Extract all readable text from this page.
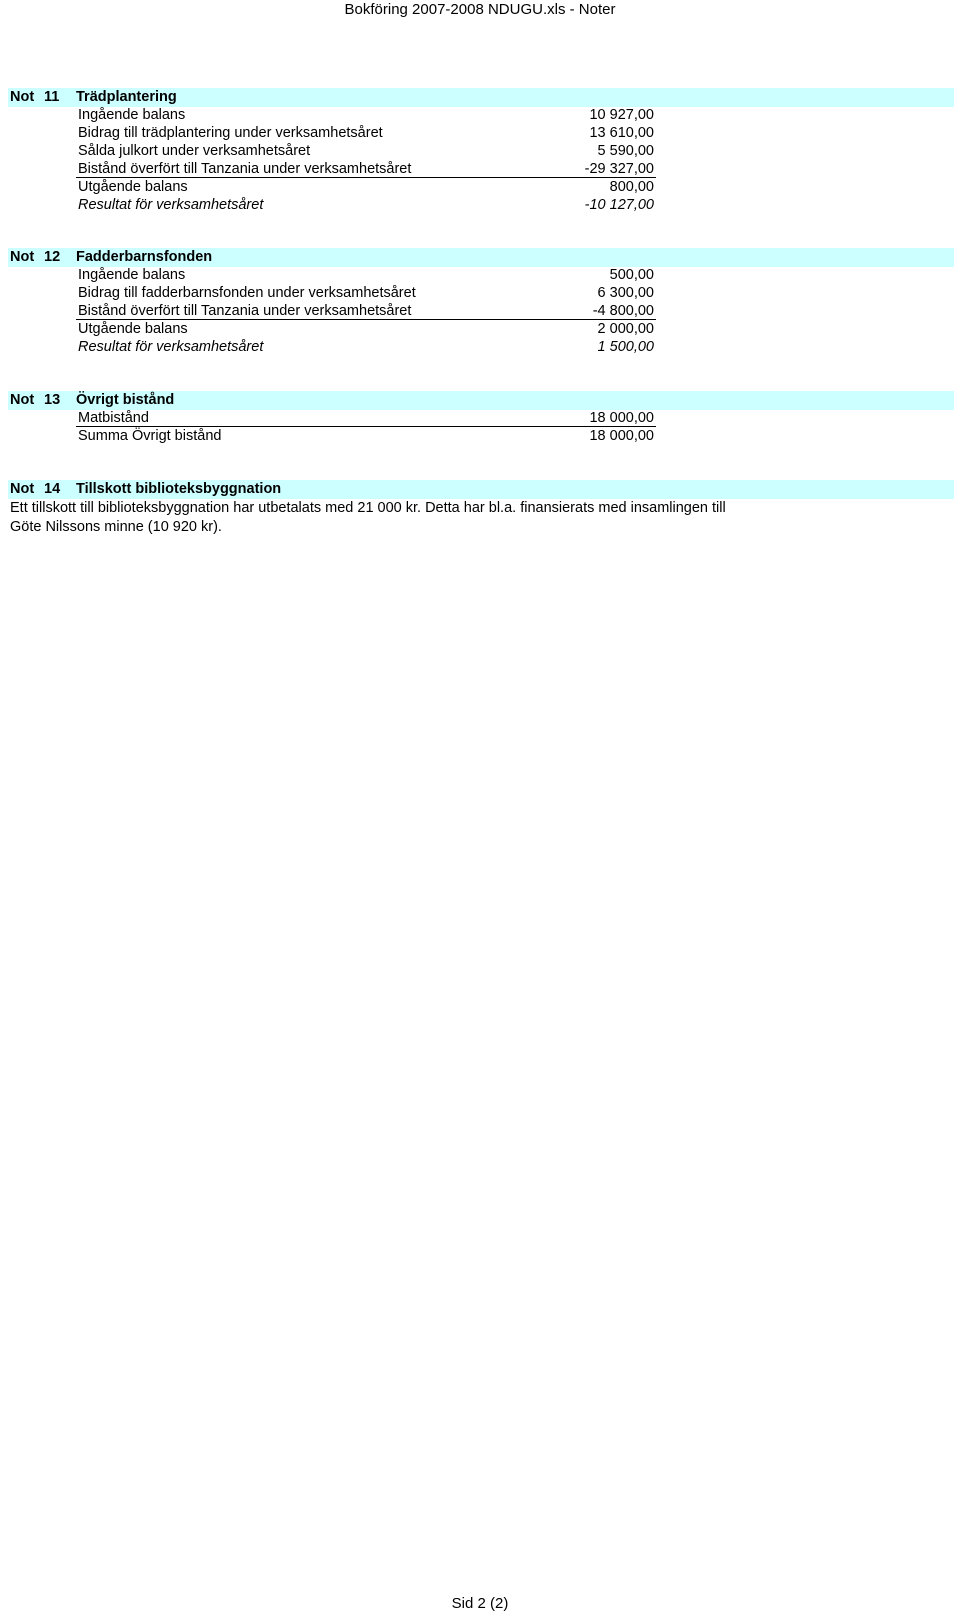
Bokföring 2007-2008 NDUGU.xls - Noter
Not 11 Trädplantering
Ingående balans	10 927,00
Bidrag till trädplantering under verksamhetsåret	13 610,00
Sålda julkort under verksamhetsåret	5 590,00
Bistånd överfört till Tanzania under verksamhetsåret	-29 327,00
Utgående balans	800,00
Resultat för verksamhetsåret	-10 127,00
Not 12 Fadderbarnsfonden
Ingående balans	500,00
Bidrag till fadderbarnsfonden under verksamhetsåret	6 300,00
Bistånd överfört till Tanzania under verksamhetsåret	-4 800,00
Utgående balans	2 000,00
Resultat för verksamhetsåret	1 500,00
Not 13 Övrigt bistånd
Matbistånd	18 000,00
Summa Övrigt bistånd	18 000,00
Not 14 Tillskott biblioteksbyggnation
Ett tillskott till biblioteksbyggnation har utbetalats med 21 000 kr. Detta har bl.a. finansierats med insamlingen till
Göte Nilssons minne (10 920 kr).
Sid 2 (2)
